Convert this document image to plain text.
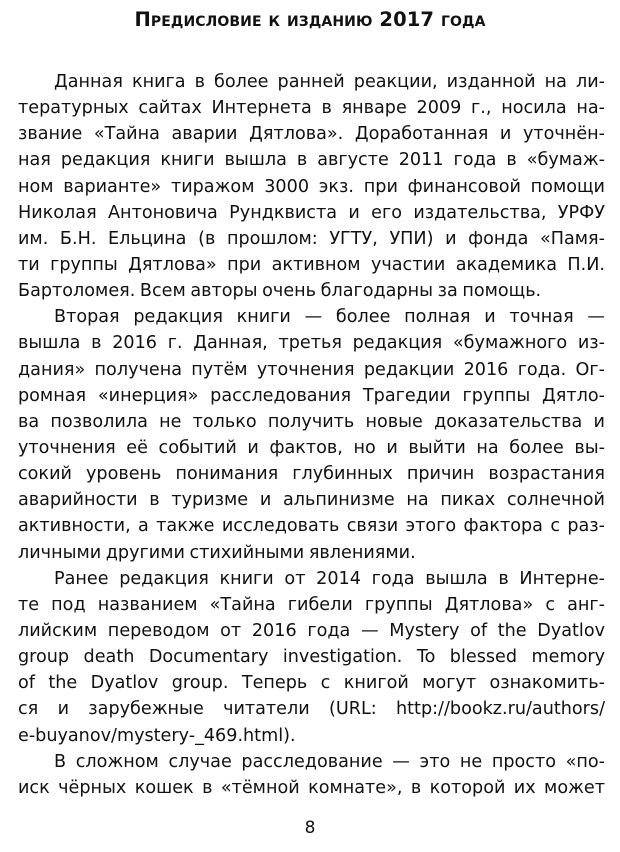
Предисловие к изданию 2017 года
Данная книга в более ранней реакции, изданной на ли-
тературных сайтах Интернета в январе 2009 г., носила на-
звание «Тайна аварии Дятлова». Доработанная и уточнён-
ная редакция книги вышла в августе 2011 года в «бумаж-
ном варианте» тиражом 3000 экз. при финансовой помощи
Николая Антоновича Рундквиста и его издательства, УРФУ
им. Б.Н. Ельцина (в прошлом: УГТУ, УПИ) и фонда «Памя-
ти группы Дятлова» при активном участии академика П.И.
Бартоломея. Всем авторы очень благодарны за помощь.
Вторая редакция книги — более полная и точная —
вышла в 2016 г. Данная, третья редакция «бумажного из-
дания» получена путём уточнения редакции 2016 года. Ог-
ромная «инерция» расследования Трагедии группы Дятло-
ва позволила не только получить новые доказательства и
уточнения её событий и фактов, но и выйти на более вы-
сокий уровень понимания глубинных причин возрастания
аварийности в туризме и альпинизме на пиках солнечной
активности, а также исследовать связи этого фактора с раз-
личными другими стихийными явлениями.
Ранее редакция книги от 2014 года вышла в Интерне-
те под названием «Тайна гибели группы Дятлова» с анг-
лийским переводом от 2016 года — Mystery of the Dyatlov
group death Documentary investigation. To blessed memory
of the Dyatlov group. Теперь с книгой могут ознакомить-
ся и зарубежные читатели (URL: http://bookz.ru/authors/
e-buyanov/mystery-_469.html).
В сложном случае расследование — это не просто «по-
иск чёрных кошек в «тёмной комнате», в которой их может
8
